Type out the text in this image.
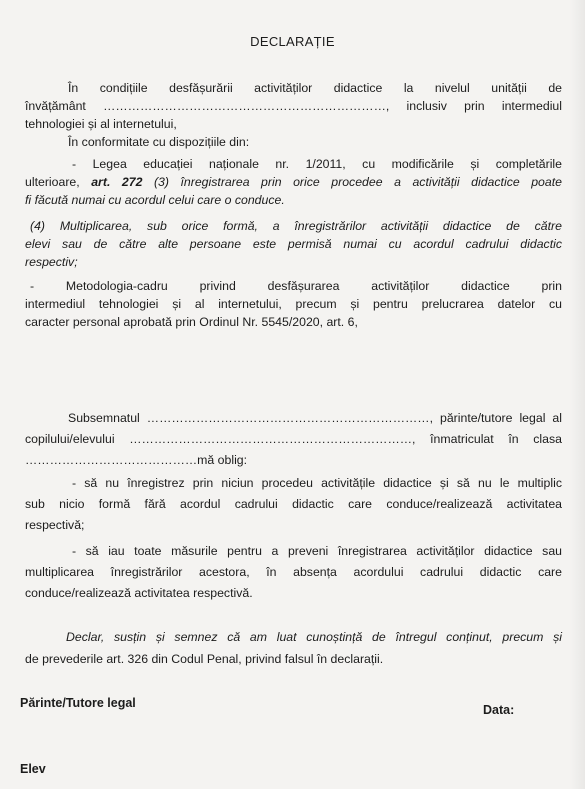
DECLARAȚIE
În condițiile desfășurării activităților didactice la nivelul unității de
învățământ ……………………………………………………………, inclusiv prin intermediul
tehnologiei și al internetului,
În conformitate cu dispozițiile din:
- Legea educației naționale nr. 1/2011, cu modificările și completările
ulterioare, art. 272 (3) înregistrarea prin orice procedee a activității didactice poate
fi făcută numai cu acordul celui care o conduce.
(4) Multiplicarea, sub orice formă, a înregistrărilor activității didactice de către
elevi sau de către alte persoane este permisă numai cu acordul cadrului didactic
respectiv;
- Metodologia-cadru privind desfășurarea activităților didactice prin
intermediul tehnologiei și al internetului, precum și pentru prelucrarea datelor cu
caracter personal aprobată prin Ordinul Nr. 5545/2020, art. 6,
Subsemnatul ……………………………………………………………, părinte/tutore legal al
copilului/elevului ……………………………………………………………, înmatriculat în clasa
……………………………………mă oblig:
- să nu înregistrez prin niciun procedeu activitățile didactice și să nu le multiplic
sub nicio formă fără acordul cadrului didactic care conduce/realizează activitatea
respectivă;
- să iau toate măsurile pentru a preveni înregistrarea activităților didactice sau
multiplicarea înregistrărilor acestora, în absența acordului cadrului didactic care
conduce/realizează activitatea respectivă.
Declar, susțin și semnez că am luat cunoștință de întregul conținut, precum și
de prevederile art. 326 din Codul Penal, privind falsul în declarații.
Părinte/Tutore legal	Data:
Elev
